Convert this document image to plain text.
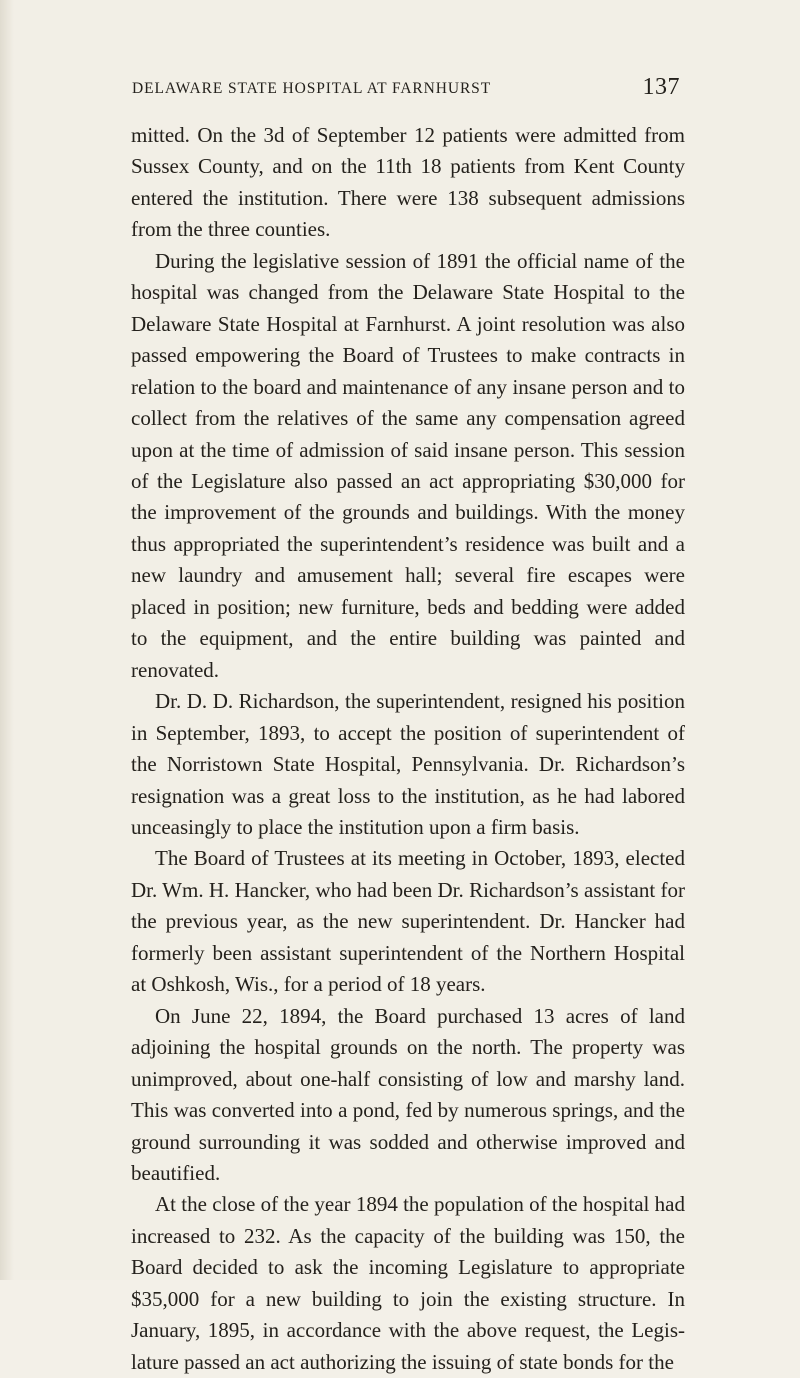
DELAWARE STATE HOSPITAL AT FARNHURST	137

mitted. On the 3d of September 12 patients were admitted from Sussex County, and on the 11th 18 patients from Kent County entered the institution. There were 138 subsequent admissions from the three counties.

During the legislative session of 1891 the official name of the hospital was changed from the Delaware State Hospital to the Delaware State Hospital at Farnhurst. A joint resolution was also passed empowering the Board of Trustees to make contracts in relation to the board and maintenance of any insane person and to collect from the relatives of the same any compensation agreed upon at the time of admission of said insane person. This session of the Legislature also passed an act appropriating $30,000 for the improvement of the grounds and buildings. With the money thus appropriated the superintendent’s residence was built and a new laundry and amusement hall; several fire escapes were placed in position; new furniture, beds and bedding were added to the equipment, and the entire building was painted and renovated.

Dr. D. D. Richardson, the superintendent, resigned his position in September, 1893, to accept the position of superintendent of the Norristown State Hospital, Pennsylvania. Dr. Richardson’s resignation was a great loss to the institution, as he had labored unceasingly to place the institution upon a firm basis.

The Board of Trustees at its meeting in October, 1893, elected Dr. Wm. H. Hancker, who had been Dr. Richardson’s assistant for the previous year, as the new superintendent. Dr. Hancker had formerly been assistant superintendent of the Northern Hospital at Oshkosh, Wis., for a period of 18 years.

On June 22, 1894, the Board purchased 13 acres of land adjoining the hospital grounds on the north. The property was unimproved, about one-half consisting of low and marshy land. This was converted into a pond, fed by numerous springs, and the ground surrounding it was sodded and otherwise improved and beautified.

At the close of the year 1894 the population of the hospital had increased to 232. As the capacity of the building was 150, the Board decided to ask the incoming Legislature to appropriate $35,000 for a new building to join the existing structure. In January, 1895, in accordance with the above request, the Legislature passed an act authorizing the issuing of state bonds for the
